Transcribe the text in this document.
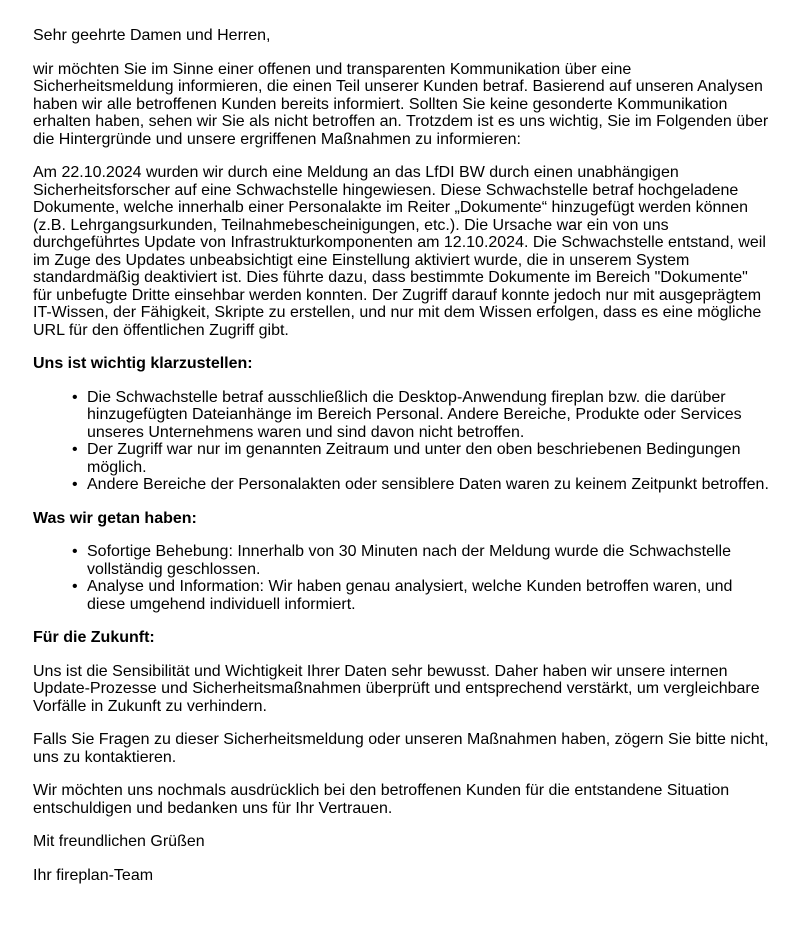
Sehr geehrte Damen und Herren,

wir möchten Sie im Sinne einer offenen und transparenten Kommunikation über eine Sicherheitsmeldung informieren, die einen Teil unserer Kunden betraf. Basierend auf unseren Analysen haben wir alle betroffenen Kunden bereits informiert. Sollten Sie keine gesonderte Kommunikation erhalten haben, sehen wir Sie als nicht betroffen an. Trotzdem ist es uns wichtig, Sie im Folgenden über die Hintergründe und unsere ergriffenen Maßnahmen zu informieren:

Am 22.10.2024 wurden wir durch eine Meldung an das LfDI BW durch einen unabhängigen Sicherheitsforscher auf eine Schwachstelle hingewiesen. Diese Schwachstelle betraf hochgeladene Dokumente, welche innerhalb einer Personalakte im Reiter „Dokumente“ hinzugefügt werden können (z.B. Lehrgangsurkunden, Teilnahmebescheinigungen, etc.). Die Ursache war ein von uns durchgeführtes Update von Infrastrukturkomponenten am 12.10.2024. Die Schwachstelle entstand, weil im Zuge des Updates unbeabsichtigt eine Einstellung aktiviert wurde, die in unserem System standardmäßig deaktiviert ist. Dies führte dazu, dass bestimmte Dokumente im Bereich "Dokumente" für unbefugte Dritte einsehbar werden konnten. Der Zugriff darauf konnte jedoch nur mit ausgeprägtem IT-Wissen, der Fähigkeit, Skripte zu erstellen, und nur mit dem Wissen erfolgen, dass es eine mögliche URL für den öffentlichen Zugriff gibt.

Uns ist wichtig klarzustellen:
• Die Schwachstelle betraf ausschließlich die Desktop-Anwendung fireplan bzw. die darüber hinzugefügten Dateianhänge im Bereich Personal. Andere Bereiche, Produkte oder Services unseres Unternehmens waren und sind davon nicht betroffen.
• Der Zugriff war nur im genannten Zeitraum und unter den oben beschriebenen Bedingungen möglich.
• Andere Bereiche der Personalakten oder sensiblere Daten waren zu keinem Zeitpunkt betroffen.
Was wir getan haben:
• Sofortige Behebung: Innerhalb von 30 Minuten nach der Meldung wurde die Schwachstelle vollständig geschlossen.
• Analyse und Information: Wir haben genau analysiert, welche Kunden betroffen waren, und diese umgehend individuell informiert.
Für die Zukunft:

Uns ist die Sensibilität und Wichtigkeit Ihrer Daten sehr bewusst. Daher haben wir unsere internen Update-Prozesse und Sicherheitsmaßnahmen überprüft und entsprechend verstärkt, um vergleichbare Vorfälle in Zukunft zu verhindern.

Falls Sie Fragen zu dieser Sicherheitsmeldung oder unseren Maßnahmen haben, zögern Sie bitte nicht, uns zu kontaktieren.

Wir möchten uns nochmals ausdrücklich bei den betroffenen Kunden für die entstandene Situation entschuldigen und bedanken uns für Ihr Vertrauen.

Mit freundlichen Grüßen

Ihr fireplan-Team
